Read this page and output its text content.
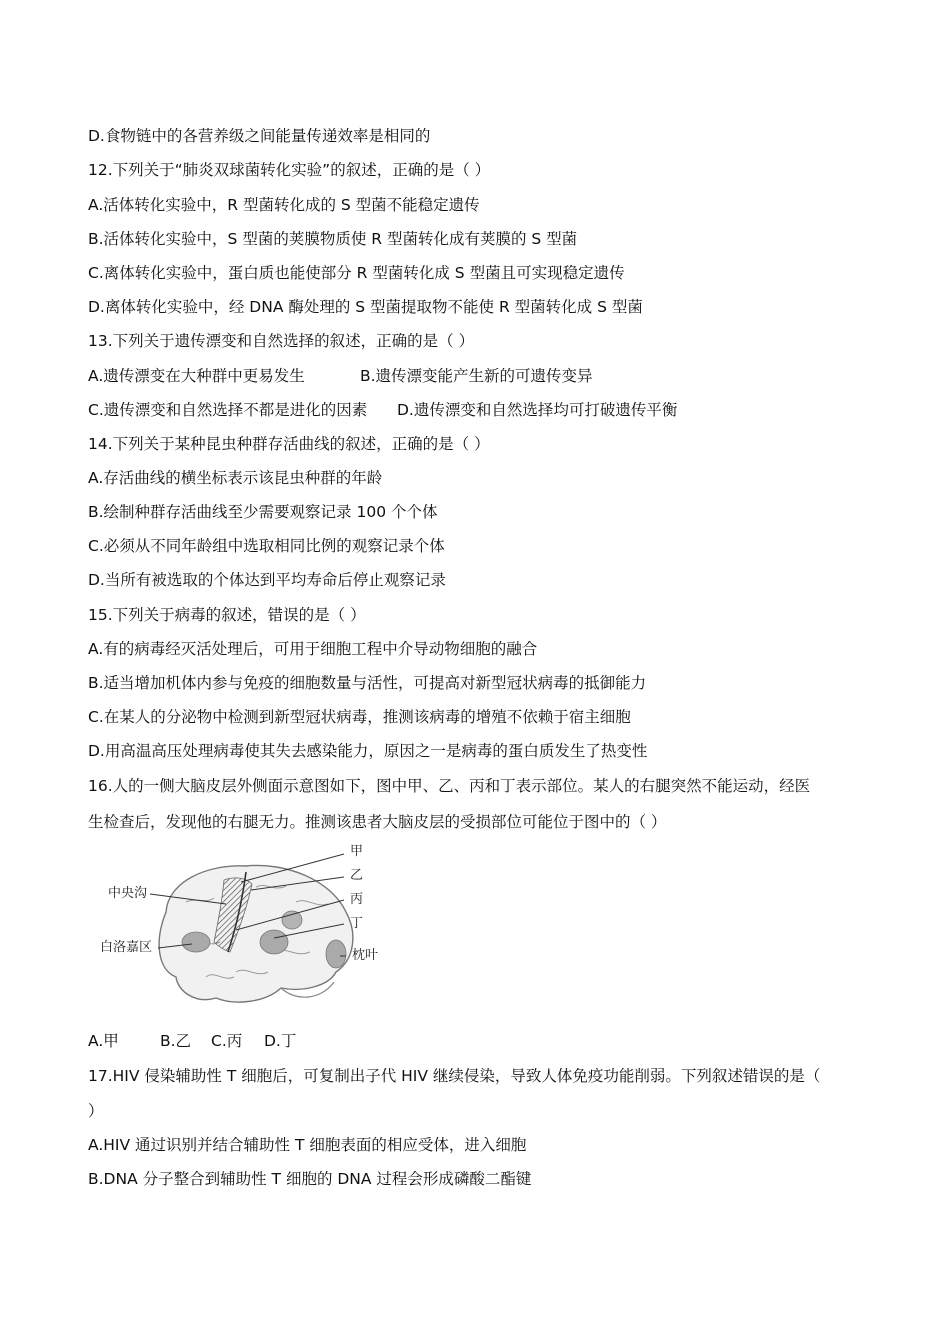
D.食物链中的各营养级之间能量传递效率是相同的
12.下列关于“肺炎双球菌转化实验”的叙述，正确的是（ ）
A.活体转化实验中，R 型菌转化成的 S 型菌不能稳定遗传
B.活体转化实验中，S 型菌的荚膜物质使 R 型菌转化成有荚膜的 S 型菌
C.离体转化实验中，蛋白质也能使部分 R 型菌转化成 S 型菌且可实现稳定遗传
D.离体转化实验中，经 DNA 酶处理的 S 型菌提取物不能使 R 型菌转化成 S 型菌
13.下列关于遗传漂变和自然选择的叙述，正确的是（ ）
A.遗传漂变在大种群中更易发生	B.遗传漂变能产生新的可遗传变异
C.遗传漂变和自然选择不都是进化的因素 D.遗传漂变和自然选择均可打破遗传平衡
14.下列关于某种昆虫种群存活曲线的叙述，正确的是（ ）
A.存活曲线的横坐标表示该昆虫种群的年龄
B.绘制种群存活曲线至少需要观察记录 100 个个体
C.必须从不同年龄组中选取相同比例的观察记录个体
D.当所有被选取的个体达到平均寿命后停止观察记录
15.下列关于病毒的叙述，错误的是（ ）
A.有的病毒经灭活处理后，可用于细胞工程中介导动物细胞的融合
B.适当增加机体内参与免疫的细胞数量与活性，可提高对新型冠状病毒的抵御能力
C.在某人的分泌物中检测到新型冠状病毒，推测该病毒的增殖不依赖于宿主细胞
D.用高温高压处理病毒使其失去感染能力，原因之一是病毒的蛋白质发生了热变性
16.人的一侧大脑皮层外侧面示意图如下，图中甲、乙、丙和丁表示部位。某人的右腿突然不能运动，经医
生检查后，发现他的右腿无力。推测该患者大脑皮层的受损部位可能位于图中的（ ）
甲
乙
丙
丁
中央沟
白洛嘉区
枕叶
A.甲	B.乙 C.丙 D.丁
17.HIV 侵染辅助性 T 细胞后，可复制出子代 HIV 继续侵染，导致人体免疫功能削弱。下列叙述错误的是（
）
A.HIV 通过识别并结合辅助性 T 细胞表面的相应受体，进入细胞
B.DNA 分子整合到辅助性 T 细胞的 DNA 过程会形成磷酸二酯键
